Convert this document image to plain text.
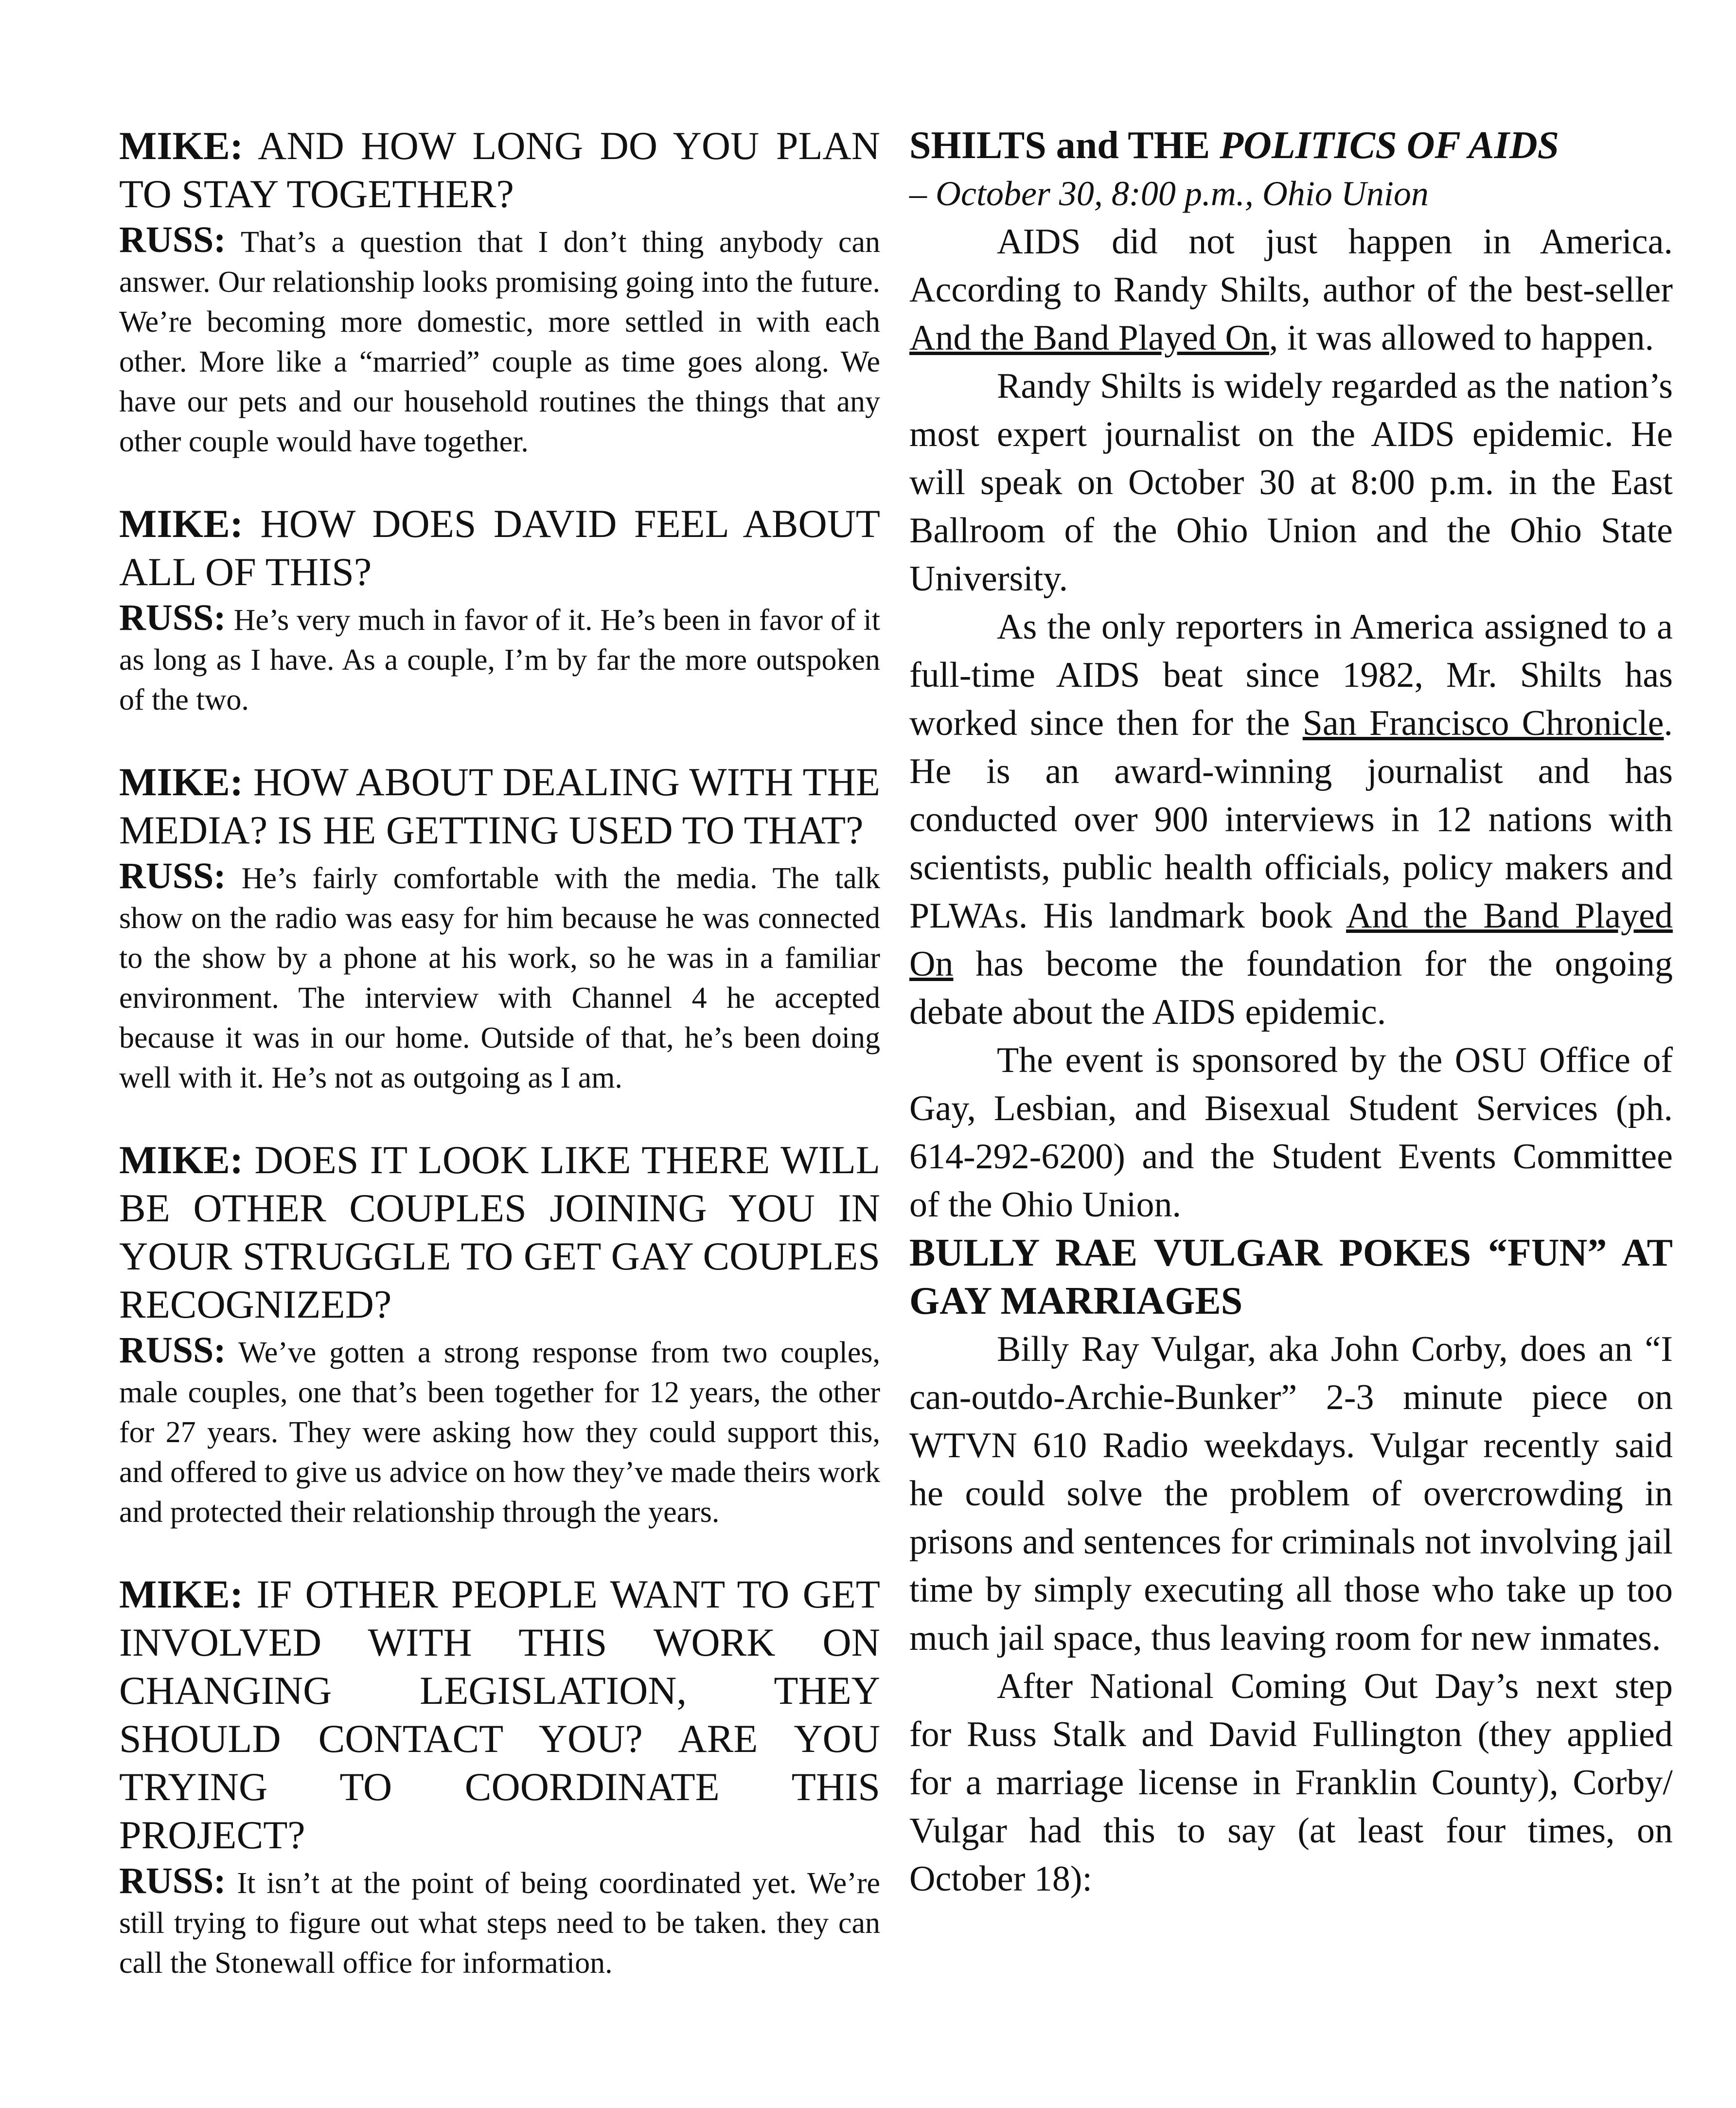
MIKE: AND HOW LONG DO YOU PLAN TO STAY TOGETHER?

RUSS: That’s a question that I don’t thing anybody can answer. Our relationship looks promising going into the future. We’re becoming more domestic, more settled in with each other. More like a “married” couple as time goes along. We have our pets and our household routines the things that any other couple would have together.

MIKE: HOW DOES DAVID FEEL ABOUT ALL OF THIS?

RUSS: He’s very much in favor of it. He’s been in favor of it as long as I have. As a couple, I’m by far the more outspoken of the two.

MIKE: HOW ABOUT DEALING WITH THE MEDIA? IS HE GETTING USED TO THAT?

RUSS: He’s fairly comfortable with the media. The talk show on the radio was easy for him because he was connected to the show by a phone at his work, so he was in a familiar environment. The interview with Channel 4 he accepted because it was in our home. Outside of that, he’s been doing well with it. He’s not as outgoing as I am.

MIKE: DOES IT LOOK LIKE THERE WILL BE OTHER COUPLES JOINING YOU IN YOUR STRUGGLE TO GET GAY COUPLES RECOGNIZED?

RUSS: We’ve gotten a strong response from two couples, male couples, one that’s been together for 12 years, the other for 27 years. They were asking how they could support this, and offered to give us advice on how they’ve made theirs work and protected their relationship through the years.

MIKE: IF OTHER PEOPLE WANT TO GET INVOLVED WITH THIS WORK ON CHANGING LEGISLATION, THEY SHOULD CONTACT YOU? ARE YOU TRYING TO COORDINATE THIS PROJECT?

RUSS: It isn’t at the point of being coordinated yet. We’re still trying to figure out what steps need to be taken. they can call the Stonewall office for information.

SHILTS and THE POLITICS OF AIDS

– October 30, 8:00 p.m., Ohio Union

AIDS did not just happen in America. According to Randy Shilts, author of the best-seller And the Band Played On, it was allowed to happen.

Randy Shilts is widely regarded as the nation’s most expert journalist on the AIDS epidemic. He will speak on October 30 at 8:00 p.m. in the East Ballroom of the Ohio Union and the Ohio State University.

As the only reporters in America assigned to a full-time AIDS beat since 1982, Mr. Shilts has worked since then for the San Francisco Chronicle. He is an award-winning journalist and has conducted over 900 interviews in 12 nations with scientists, public health officials, policy makers and PLWAs. His landmark book And the Band Played On has become the foundation for the ongoing debate about the AIDS epidemic.

The event is sponsored by the OSU Office of Gay, Lesbian, and Bisexual Student Services (ph. 614-292-6200) and the Student Events Committee of the Ohio Union.

BULLY RAE VULGAR POKES “FUN” AT GAY MARRIAGES

Billy Ray Vulgar, aka John Corby, does an “I can-outdo-Archie-Bunker” 2-3 minute piece on WTVN 610 Radio weekdays. Vulgar recently said he could solve the problem of overcrowding in prisons and sentences for criminals not involving jail time by simply executing all those who take up too much jail space, thus leaving room for new inmates.

After National Coming Out Day’s next step for Russ Stalk and David Fullington (they applied for a marriage license in Franklin County), Corby/ Vulgar had this to say (at least four times, on October 18):
